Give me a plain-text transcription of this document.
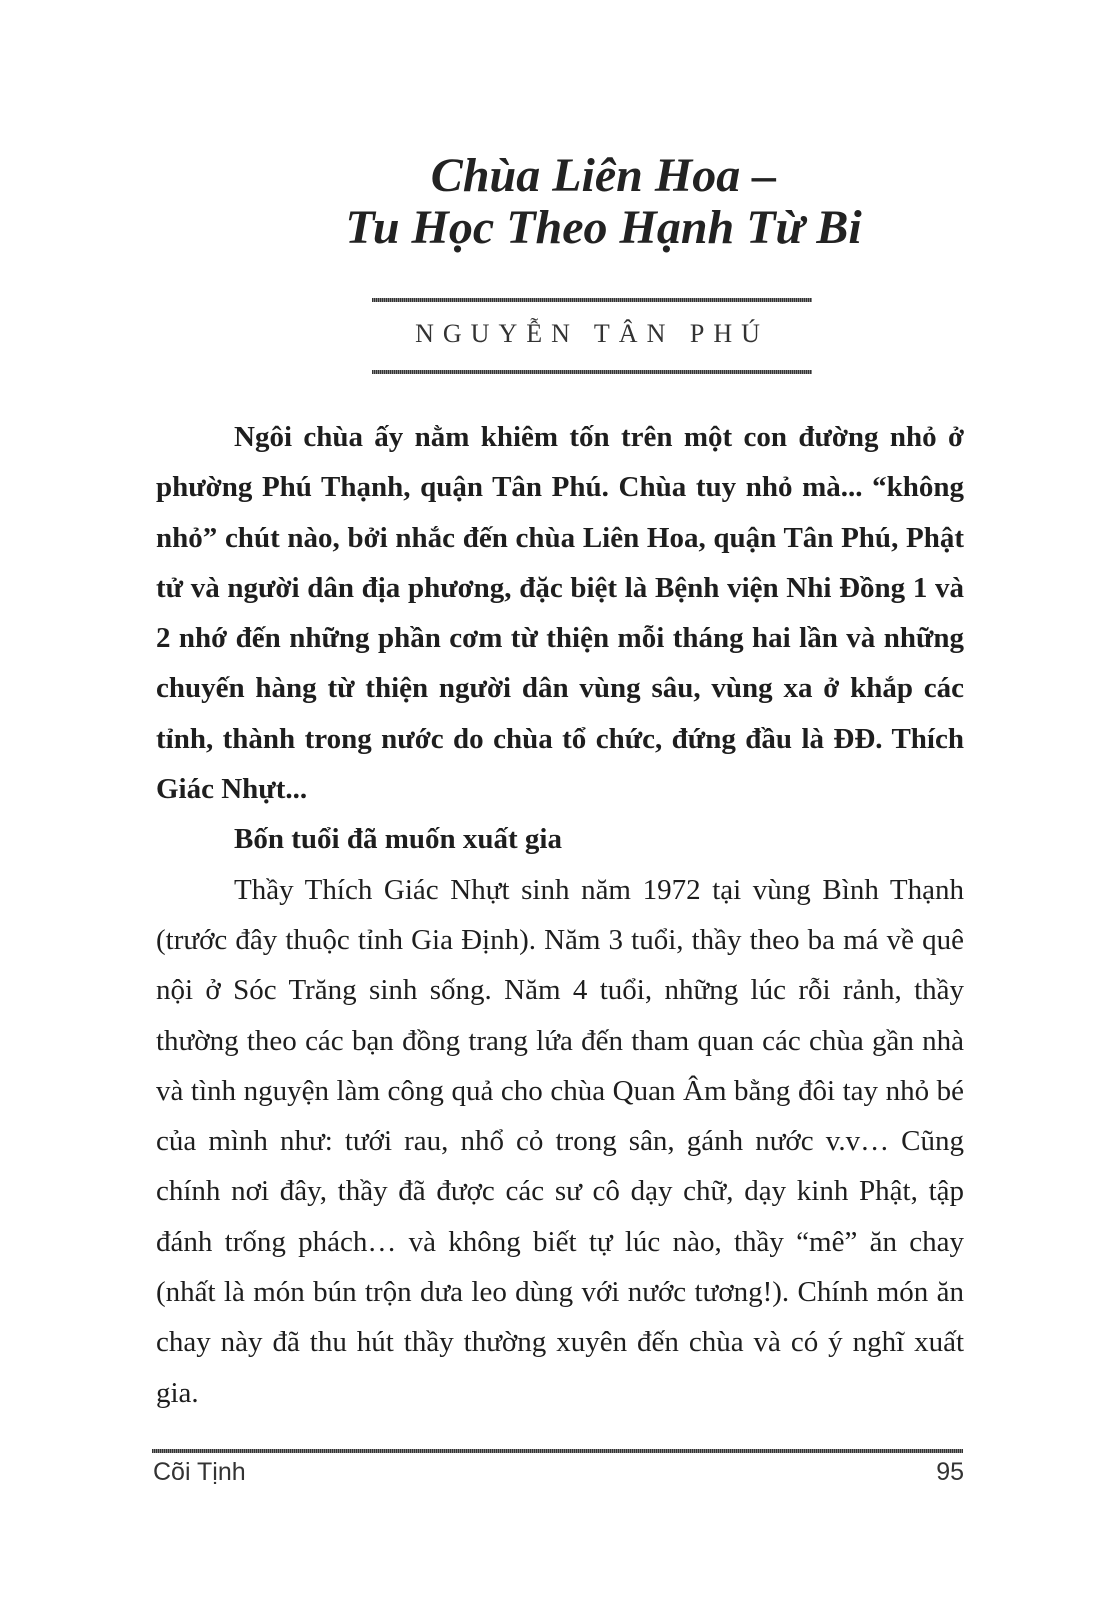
Chùa Liên Hoa –
Tu Học Theo Hạnh Từ Bi
NGUYỄN TÂN PHÚ

Ngôi chùa ấy nằm khiêm tốn trên một con đường nhỏ ở phường Phú Thạnh, quận Tân Phú. Chùa tuy nhỏ mà... “không nhỏ” chút nào, bởi nhắc đến chùa Liên Hoa, quận Tân Phú, Phật tử và người dân địa phương, đặc biệt là Bệnh viện Nhi Đồng 1 và 2 nhớ đến những phần cơm từ thiện mỗi tháng hai lần và những chuyến hàng từ thiện người dân vùng sâu, vùng xa ở khắp các tỉnh, thành trong nước do chùa tổ chức, đứng đầu là ĐĐ. Thích Giác Nhựt...

Bốn tuổi đã muốn xuất gia

Thầy Thích Giác Nhựt sinh năm 1972 tại vùng Bình Thạnh (trước đây thuộc tỉnh Gia Định). Năm 3 tuổi, thầy theo ba má về quê nội ở Sóc Trăng sinh sống. Năm 4 tuổi, những lúc rỗi rảnh, thầy thường theo các bạn đồng trang lứa đến tham quan các chùa gần nhà và tình nguyện làm công quả cho chùa Quan Âm bằng đôi tay nhỏ bé của mình như: tưới rau, nhổ cỏ trong sân, gánh nước v.v… Cũng chính nơi đây, thầy đã được các sư cô dạy chữ, dạy kinh Phật, tập đánh trống phách… và không biết tự lúc nào, thầy “mê” ăn chay (nhất là món bún trộn dưa leo dùng với nước tương!). Chính món ăn chay này đã thu hút thầy thường xuyên đến chùa và có ý nghĩ xuất gia.

Cõi Tịnh	95
